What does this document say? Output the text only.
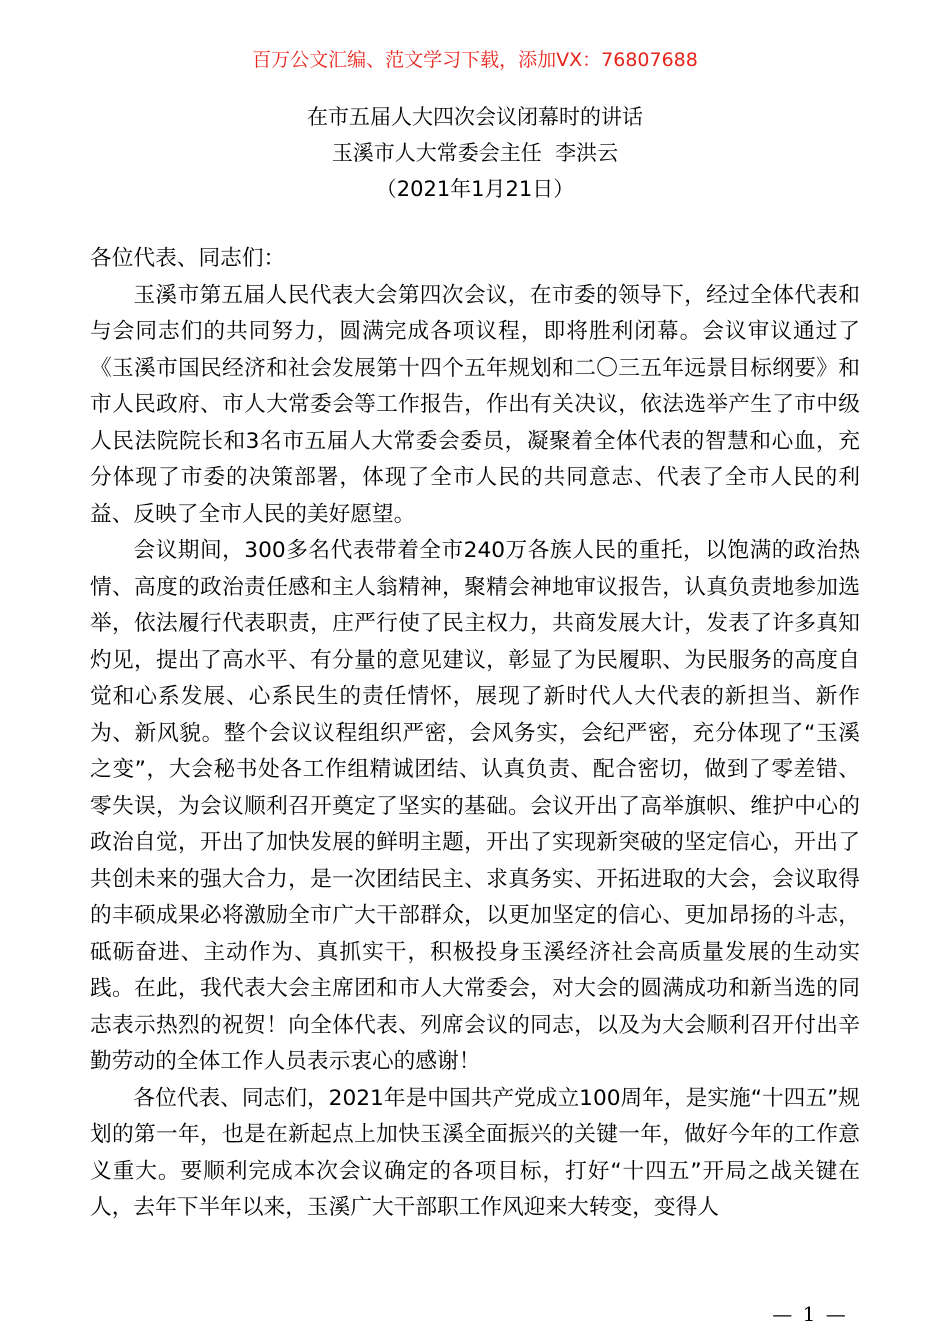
百万公文汇编、范文学习下载，添加VX：76807688
在市五届人大四次会议闭幕时的讲话
玉溪市人大常委会主任  李洪云
（2021年1月21日）

各位代表、同志们：

玉溪市第五届人民代表大会第四次会议，在市委的领导下，经过全体代表和与会同志们的共同努力，圆满完成各项议程，即将胜利闭幕。会议审议通过了《玉溪市国民经济和社会发展第十四个五年规划和二〇三五年远景目标纲要》和市人民政府、市人大常委会等工作报告，作出有关决议，依法选举产生了市中级人民法院院长和3名市五届人大常委会委员，凝聚着全体代表的智慧和心血，充分体现了市委的决策部署，体现了全市人民的共同意志、代表了全市人民的利益、反映了全市人民的美好愿望。

会议期间，300多名代表带着全市240万各族人民的重托，以饱满的政治热情、高度的政治责任感和主人翁精神，聚精会神地审议报告，认真负责地参加选举，依法履行代表职责，庄严行使了民主权力，共商发展大计，发表了许多真知灼见，提出了高水平、有分量的意见建议，彰显了为民履职、为民服务的高度自觉和心系发展、心系民生的责任情怀，展现了新时代人大代表的新担当、新作为、新风貌。整个会议议程组织严密，会风务实，会纪严密，充分体现了“玉溪之变”，大会秘书处各工作组精诚团结、认真负责、配合密切，做到了零差错、零失误，为会议顺利召开奠定了坚实的基础。会议开出了高举旗帜、维护中心的政治自觉，开出了加快发展的鲜明主题，开出了实现新突破的坚定信心，开出了共创未来的强大合力，是一次团结民主、求真务实、开拓进取的大会，会议取得的丰硕成果必将激励全市广大干部群众，以更加坚定的信心、更加昂扬的斗志，砥砺奋进、主动作为、真抓实干，积极投身玉溪经济社会高质量发展的生动实践。在此，我代表大会主席团和市人大常委会，对大会的圆满成功和新当选的同志表示热烈的祝贺！向全体代表、列席会议的同志，以及为大会顺利召开付出辛勤劳动的全体工作人员表示衷心的感谢！

各位代表、同志们，2021年是中国共产党成立100周年，是实施“十四五”规划的第一年，也是在新起点上加快玉溪全面振兴的关键一年，做好今年的工作意义重大。要顺利完成本次会议确定的各项目标，打好“十四五”开局之战关键在人，去年下半年以来，玉溪广大干部职工作风迎来大转变，变得人

— 1 —
